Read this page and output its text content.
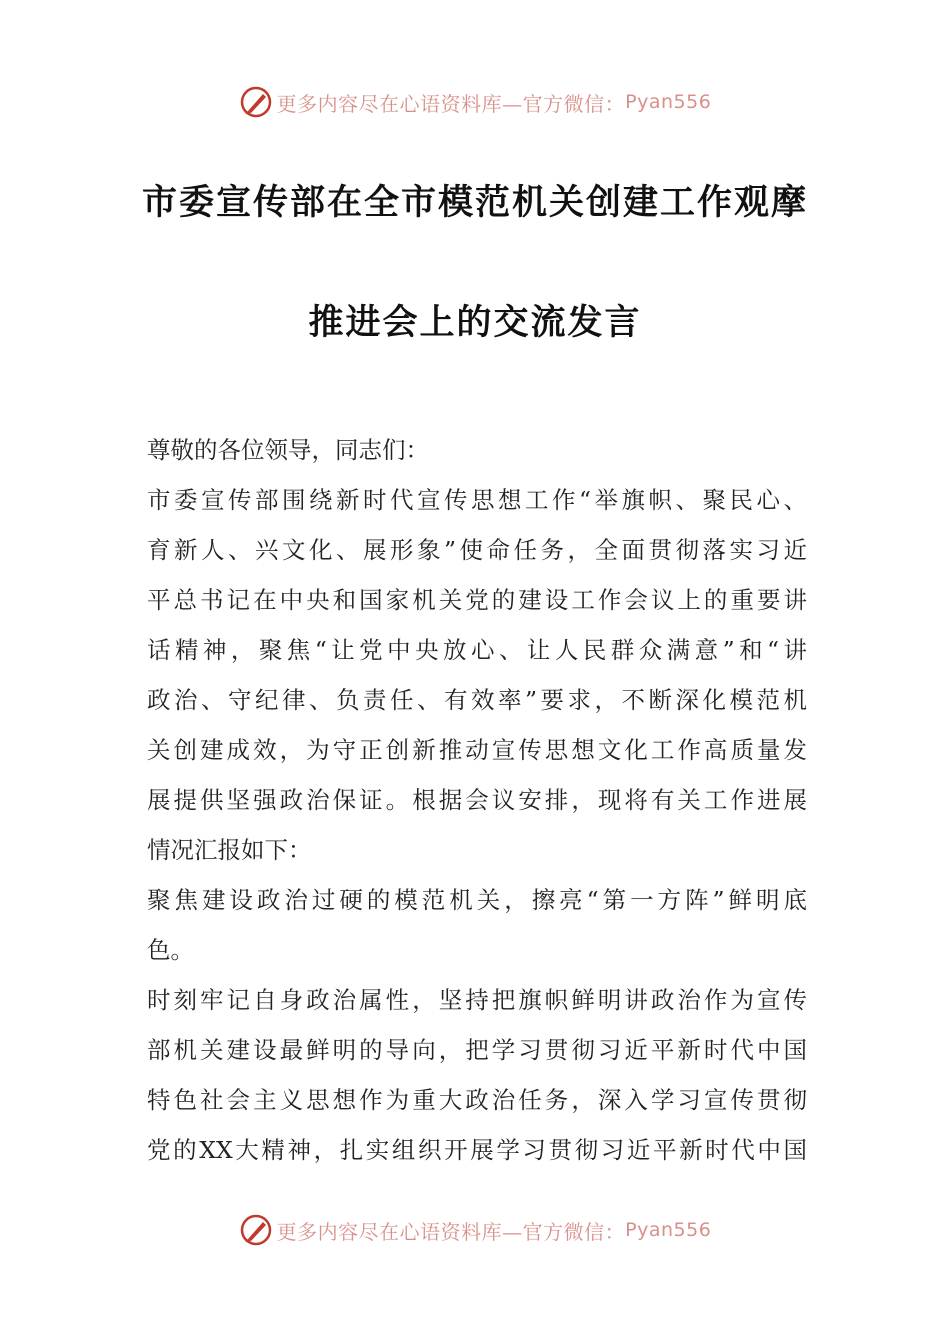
更多内容尽在心语资料库—官方微信： Pyan556
市委宣传部在全市模范机关创建工作观摩
推进会上的交流发言
尊敬的各位领导，同志们：
市委宣传部围绕新时代宣传思想工作“举旗帜、聚民心、
育新人、兴文化、展形象”使命任务，全面贯彻落实习近
平总书记在中央和国家机关党的建设工作会议上的重要讲
话精神，聚焦“让党中央放心、让人民群众满意”和“讲
政治、守纪律、负责任、有效率”要求，不断深化模范机
关创建成效，为守正创新推动宣传思想文化工作高质量发
展提供坚强政治保证。根据会议安排，现将有关工作进展
情况汇报如下：
聚焦建设政治过硬的模范机关，擦亮“第一方阵”鲜明底
色。
时刻牢记自身政治属性，坚持把旗帜鲜明讲政治作为宣传
部机关建设最鲜明的导向，把学习贯彻习近平新时代中国
特色社会主义思想作为重大政治任务，深入学习宣传贯彻
党的XX大精神，扎实组织开展学习贯彻习近平新时代中国
更多内容尽在心语资料库—官方微信： Pyan556
